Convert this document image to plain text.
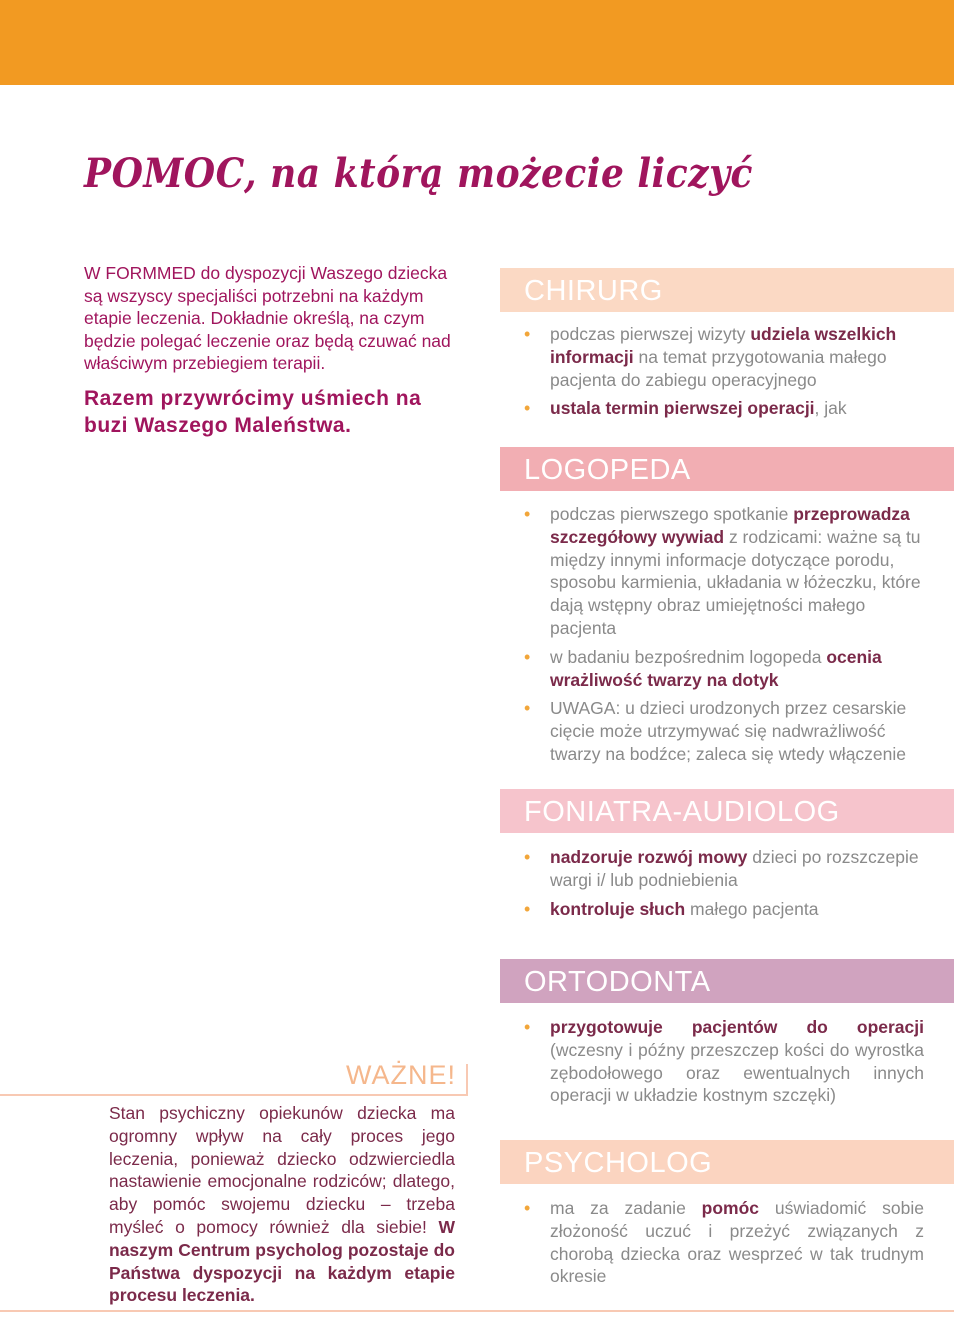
POMOC, na którą możecie liczyć

W FORMMED do dyspozycji Waszego dziecka są wszyscy specjaliści potrzebni na każdym etapie leczenia. Dokładnie określą, na czym będzie polegać leczenie oraz będą czuwać nad właściwym przebiegiem terapii.

Razem przywrócimy uśmiech na buzi Waszego Maleństwa.

CHIRURG
• podczas pierwszej wizyty udziela wszelkich informacji na temat przygotowania małego pacjenta do zabiegu operacyjnego
• ustala termin pierwszej operacji, jak
LOGOPEDA
• podczas pierwszego spotkanie przeprowadza szczegółowy wywiad z rodzicami: ważne są tu między innymi informacje dotyczące porodu, sposobu karmienia, układania w łóżeczku, które dają wstępny obraz umiejętności małego pacjenta
• w badaniu bezpośrednim logopeda ocenia wrażliwość twarzy na dotyk
• UWAGA: u dzieci urodzonych przez cesarskie cięcie może utrzymywać się nadwrażliwość twarzy na bodźce; zaleca się wtedy włączenie
FONIATRA-AUDIOLOG
• nadzoruje rozwój mowy dzieci po rozszczepie wargi i/ lub podniebienia
• kontroluje słuch małego pacjenta
ORTODONTA
• przygotowuje pacjentów do operacji (wczesny i późny przeszczep kości do wyrostka zębodołowego oraz ewentualnych innych operacji w układzie kostnym szczęki)
PSYCHOLOG
• ma za zadanie pomóc uświadomić sobie złożoność uczuć i przeżyć związanych z chorobą dziecka oraz wesprzeć w tak trudnym okresie
WAŻNE!

Stan psychiczny opiekunów dziecka ma ogromny wpływ na cały proces jego leczenia, ponieważ dziecko odzwierciedla nastawienie emocjonalne rodziców; dlatego, aby pomóc swojemu dziecku – trzeba myśleć o pomocy również dla siebie! W naszym Centrum psycholog pozostaje do Państwa dyspozycji na każdym etapie procesu leczenia.
